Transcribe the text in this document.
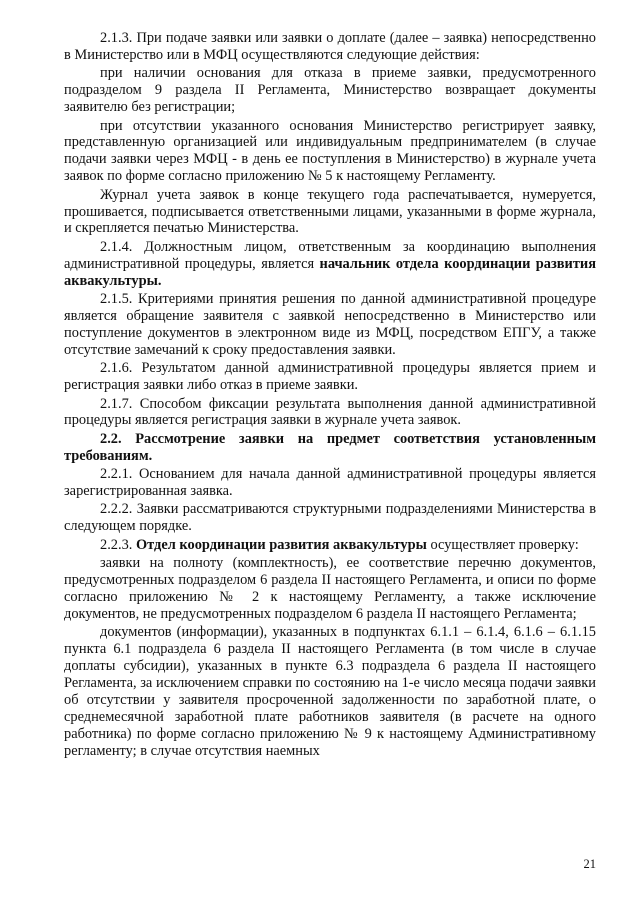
2.1.3. При подаче заявки или заявки о доплате (далее – заявка) непосредственно в Министерство или в МФЦ осуществляются следующие действия:

при наличии основания для отказа в приеме заявки, предусмотренного подразделом 9 раздела II Регламента, Министерство возвращает документы заявителю без регистрации;

при отсутствии указанного основания Министерство регистрирует заявку, представленную организацией или индивидуальным предпринимателем (в случае подачи заявки через МФЦ - в день ее поступления в Министерство) в журнале учета заявок по форме согласно приложению № 5 к настоящему Регламенту.

Журнал учета заявок в конце текущего года распечатывается, нумеруется, прошивается, подписывается ответственными лицами, указанными в форме журнала, и скрепляется печатью Министерства.

2.1.4. Должностным лицом, ответственным за координацию выполнения административной процедуры, является начальник отдела координации развития аквакультуры.

2.1.5. Критериями принятия решения по данной административной процедуре является обращение заявителя с заявкой непосредственно в Министерство или поступление документов в электронном виде из МФЦ, посредством ЕПГУ, а также отсутствие замечаний к сроку предоставления заявки.

2.1.6. Результатом данной административной процедуры является прием и регистрация заявки либо отказ в приеме заявки.

2.1.7. Способом фиксации результата выполнения данной административной процедуры является регистрация заявки в журнале учета заявок.

2.2. Рассмотрение заявки на предмет соответствия установленным требованиям.

2.2.1. Основанием для начала данной административной процедуры является зарегистрированная заявка.

2.2.2. Заявки рассматриваются структурными подразделениями Министерства в следующем порядке.

2.2.3. Отдел координации развития аквакультуры осуществляет проверку:

заявки на полноту (комплектность), ее соответствие перечню документов, предусмотренных подразделом 6 раздела II настоящего Регламента, и описи по форме согласно приложению № 2 к настоящему Регламенту, а также исключение документов, не предусмотренных подразделом 6 раздела II настоящего Регламента;

документов (информации), указанных в подпунктах 6.1.1 – 6.1.4, 6.1.6 – 6.1.15 пункта 6.1 подраздела 6 раздела II настоящего Регламента (в том числе в случае доплаты субсидии), указанных в пункте 6.3 подраздела 6 раздела II настоящего Регламента, за исключением справки по состоянию на 1-е число месяца подачи заявки об отсутствии у заявителя просроченной задолженности по заработной плате, о среднемесячной заработной плате работников заявителя (в расчете на одного работника) по форме согласно приложению № 9 к настоящему Административному регламенту; в случае отсутствия наемных

21
